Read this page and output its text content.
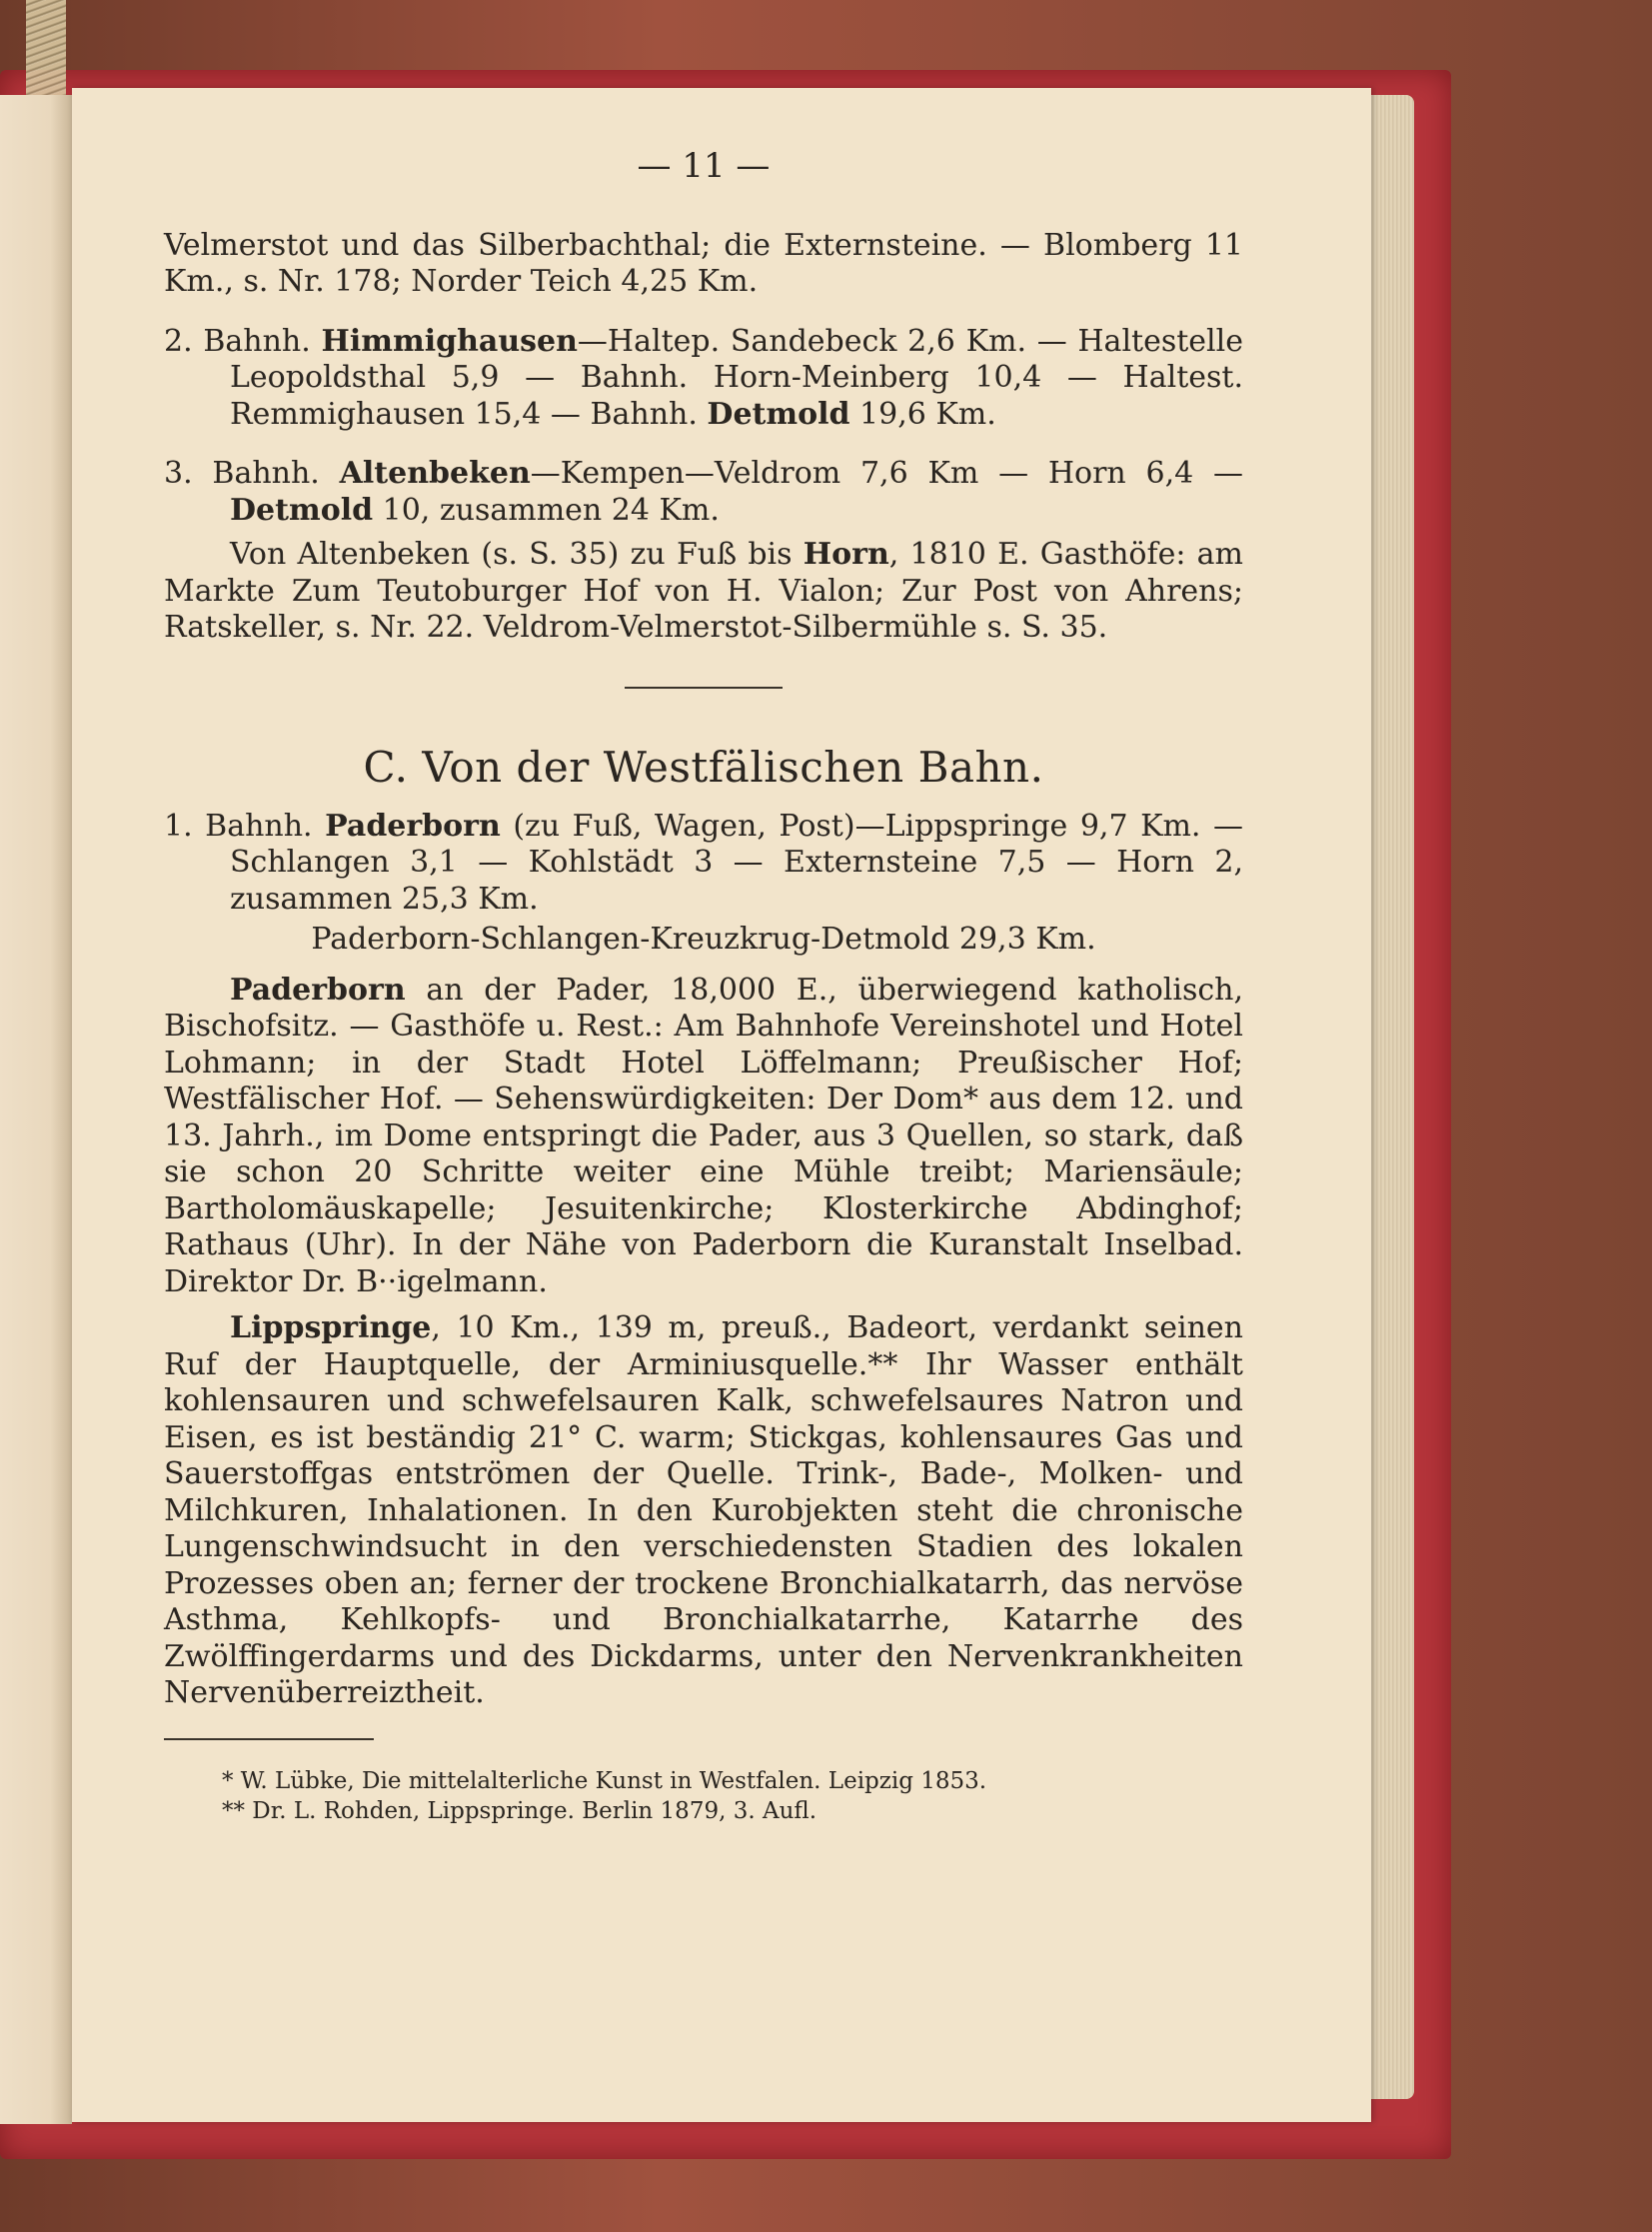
— 11 —

Velmerstot und das Silberbachthal; die Externsteine. — Blomberg 11 Km., s. Nr. 178; Norder Teich 4,25 Km.

2. Bahnh. Himmighausen—Haltep. Sandebeck 2,6 Km. — Haltestelle Leopoldsthal 5,9 — Bahnh. Horn-Meinberg 10,4 — Haltest. Remmighausen 15,4 — Bahnh. Detmold 19,6 Km.

3. Bahnh. Altenbeken—Kempen—Veldrom 7,6 Km — Horn 6,4 — Detmold 10, zusammen 24 Km.

Von Altenbeken (s. S. 35) zu Fuß bis Horn, 1810 E. Gasthöfe: am Markte Zum Teutoburger Hof von H. Vialon; Zur Post von Ahrens; Ratskeller, s. Nr. 22. Veldrom-Velmerstot-Silbermühle s. S. 35.

C. Von der Westfälischen Bahn.

1. Bahnh. Paderborn (zu Fuß, Wagen, Post)—Lippspringe 9,7 Km. — Schlangen 3,1 — Kohlstädt 3 — Externsteine 7,5 — Horn 2, zusammen 25,3 Km.

Paderborn-Schlangen-Kreuzkrug-Detmold 29,3 Km.

Paderborn an der Pader, 18,000 E., überwiegend katholisch, Bischofsitz. — Gasthöfe u. Rest.: Am Bahnhofe Vereinshotel und Hotel Lohmann; in der Stadt Hotel Löffelmann; Preußischer Hof; Westfälischer Hof. — Sehenswürdigkeiten: Der Dom* aus dem 12. und 13. Jahrh., im Dome entspringt die Pader, aus 3 Quellen, so stark, daß sie schon 20 Schritte weiter eine Mühle treibt; Mariensäule; Bartholomäuskapelle; Jesuitenkirche; Klosterkirche Abdinghof; Rathaus (Uhr). In der Nähe von Paderborn die Kuranstalt Inselbad. Direktor Dr. B··igelmann.

Lippspringe, 10 Km., 139 m, preuß., Badeort, verdankt seinen Ruf der Hauptquelle, der Arminiusquelle.** Ihr Wasser enthält kohlensauren und schwefelsauren Kalk, schwefelsaures Natron und Eisen, es ist beständig 21° C. warm; Stickgas, kohlensaures Gas und Sauerstoffgas entströmen der Quelle. Trink-, Bade-, Molken- und Milchkuren, Inhalationen. In den Kurobjekten steht die chronische Lungenschwindsucht in den verschiedensten Stadien des lokalen Prozesses oben an; ferner der trockene Bronchialkatarrh, das nervöse Asthma, Kehlkopfs- und Bronchialkatarrhe, Katarrhe des Zwölffingerdarms und des Dickdarms, unter den Nervenkrankheiten Nervenüberreiztheit.

* W. Lübke, Die mittelalterliche Kunst in Westfalen. Leipzig 1853.
** Dr. L. Rohden, Lippspringe. Berlin 1879, 3. Aufl.
